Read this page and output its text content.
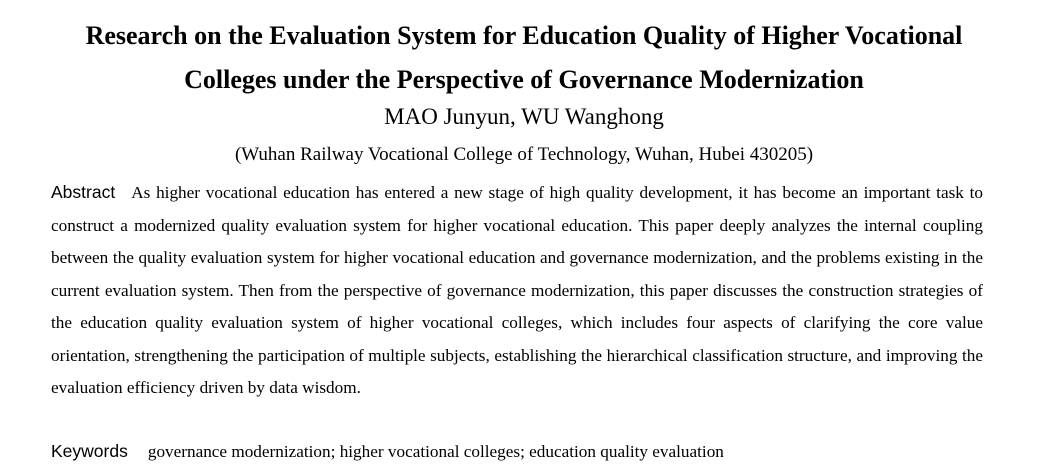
Research on the Evaluation System for Education Quality of Higher Vocational
Colleges under the Perspective of Governance Modernization
MAO Junyun, WU Wanghong
(Wuhan Railway Vocational College of Technology, Wuhan, Hubei 430205)

Abstract As higher vocational education has entered a new stage of high quality development, it has become an important task to construct a modernized quality evaluation system for higher vocational education. This paper deeply analyzes the internal coupling between the quality evaluation system for higher vocational education and governance modernization, and the problems existing in the current evaluation system. Then from the perspective of governance modernization, this paper discusses the construction strategies of the education quality evaluation system of higher vocational colleges, which includes four aspects of clarifying the core value orientation, strengthening the participation of multiple subjects, establishing the hierarchical classification structure, and improving the evaluation efficiency driven by data wisdom.

Keywords governance modernization; higher vocational colleges; education quality evaluation
